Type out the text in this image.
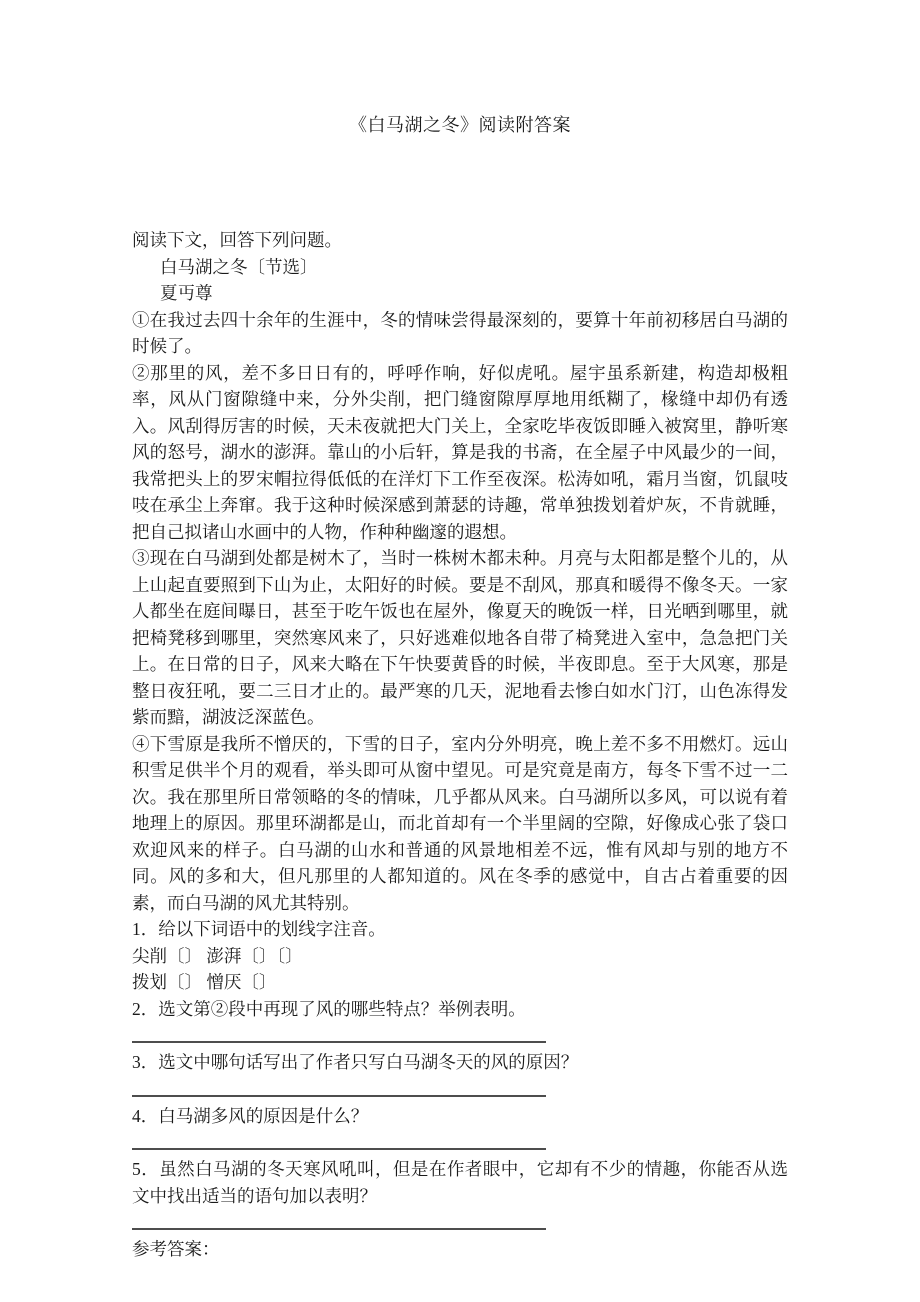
《白马湖之冬》阅读附答案

阅读下文，回答下列问题。

白马湖之冬〔节选〕

夏丏尊

①在我过去四十余年的生涯中，冬的情味尝得最深刻的，要算十年前初移居白马湖的时候了。

②那里的风，差不多日日有的，呼呼作响，好似虎吼。屋宇虽系新建，构造却极粗率，风从门窗隙缝中来，分外尖削，把门缝窗隙厚厚地用纸糊了，椽缝中却仍有透入。风刮得厉害的时候，天未夜就把大门关上，全家吃毕夜饭即睡入被窝里，静听寒风的怒号，湖水的澎湃。靠山的小后轩，算是我的书斋，在全屋子中风最少的一间，我常把头上的罗宋帽拉得低低的在洋灯下工作至夜深。松涛如吼，霜月当窗，饥鼠吱吱在承尘上奔窜。我于这种时候深感到萧瑟的诗趣，常单独拨划着炉灰，不肯就睡，把自己拟诸山水画中的人物，作种种幽邃的遐想。

③现在白马湖到处都是树木了，当时一株树木都未种。月亮与太阳都是整个儿的，从上山起直要照到下山为止，太阳好的时候。要是不刮风，那真和暖得不像冬天。一家人都坐在庭间曝日，甚至于吃午饭也在屋外，像夏天的晚饭一样，日光晒到哪里，就把椅凳移到哪里，突然寒风来了，只好逃难似地各自带了椅凳进入室中，急急把门关上。在日常的日子，风来大略在下午快要黄昏的时候，半夜即息。至于大风寒，那是整日夜狂吼，要二三日才止的。最严寒的几天，泥地看去惨白如水门汀，山色冻得发紫而黯，湖波泛深蓝色。

④下雪原是我所不憎厌的，下雪的日子，室内分外明亮，晚上差不多不用燃灯。远山积雪足供半个月的观看，举头即可从窗中望见。可是究竟是南方，每冬下雪不过一二次。我在那里所日常领略的冬的情味，几乎都从风来。白马湖所以多风，可以说有着地理上的原因。那里环湖都是山，而北首却有一个半里阔的空隙，好像成心张了袋口欢迎风来的样子。白马湖的山水和普通的风景地相差不远，惟有风却与别的地方不同。风的多和大，但凡那里的人都知道的。风在冬季的感觉中，自古占着重要的因素，而白马湖的风尤其特别。

1．给以下词语中的划线字注音。

尖削〔〕 澎湃〔〕〔〕

拨划〔〕 憎厌〔〕

2．选文第②段中再现了风的哪些特点？举例表明。

3．选文中哪句话写出了作者只写白马湖冬天的风的原因？

4．白马湖多风的原因是什么？

5．虽然白马湖的冬天寒风吼叫，但是在作者眼中，它却有不少的情趣，你能否从选文中找出适当的语句加以表明？

参考答案：
